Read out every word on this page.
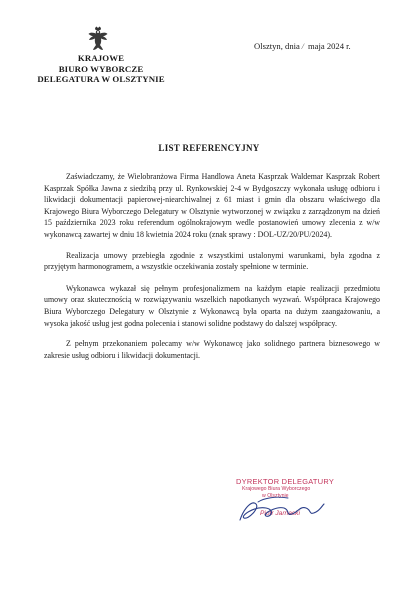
KRAJOWE
BIURO WYBORCZE
DELEGATURA W OLSZTYNIE
Olsztyn, dnia / maja 2024 r.
LIST REFERENCYJNY

Zaświadczamy, że Wielobranżowa Firma Handlowa Aneta Kasprzak Waldemar Kasprzak Robert Kasprzak Spółka Jawna z siedzibą przy ul. Rynkowskiej 2-4 w Bydgoszczy wykonała usługę odbioru i likwidacji dokumentacji papierowej-niearchiwalnej z 61 miast i gmin dla obszaru właściwego dla Krajowego Biura Wyborczego Delegatury w Olsztynie wytworzonej w związku z zarządzonym na dzień 15 października 2023 roku referendum ogólnokrajowym wedle postanowień umowy zlecenia z w/w wykonawcą zawartej w dniu 18 kwietnia 2024 roku (znak sprawy : DOL-UZ/20/PU/2024).

Realizacja umowy przebiegła zgodnie z wszystkimi ustalonymi warunkami, była zgodna z przyjętym harmonogramem, a wszystkie oczekiwania zostały spełnione w terminie.

Wykonawca wykazał się pełnym profesjonalizmem na każdym etapie realizacji przedmiotu umowy oraz skutecznością w rozwiązywaniu wszelkich napotkanych wyzwań. Współpraca Krajowego Biura Wyborczego Delegatury w Olsztynie z Wykonawcą była oparta na dużym zaangażowaniu, a wysoka jakość usług jest godna polecenia i stanowi solidne podstawy do dalszej współpracy.

Z pełnym przekonaniem polecamy w/w Wykonawcę jako solidnego partnera biznesowego w zakresie usług odbioru i likwidacji dokumentacji.

DYREKTOR DELEGATURY
Krajowego Biura Wyborczego
w Olsztynie
Piotr Jarnacki
